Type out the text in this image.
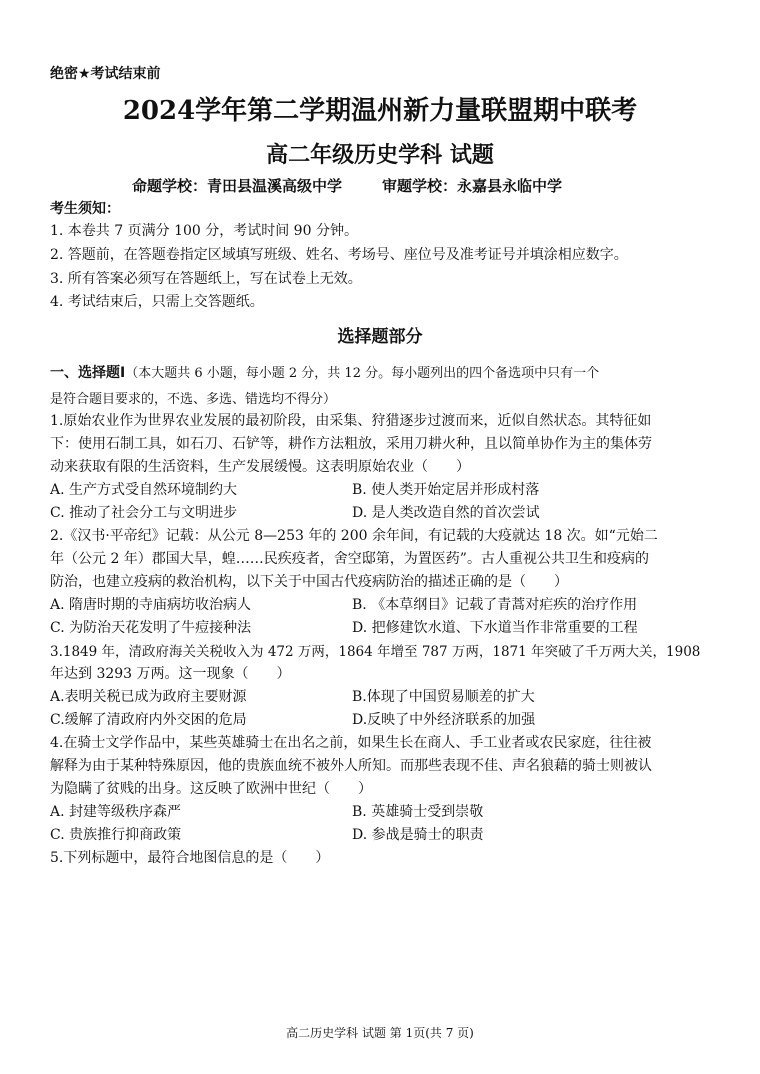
绝密★考试结束前
2024学年第二学期温州新力量联盟期中联考
高二年级历史学科 试题
命题学校：青田县温溪高级中学	审题学校：永嘉县永临中学
考生须知：
1. 本卷共 7 页满分 100 分，考试时间 90 分钟。
2. 答题前，在答题卷指定区域填写班级、姓名、考场号、座位号及准考证号并填涂相应数字。
3. 所有答案必须写在答题纸上，写在试卷上无效。
4. 考试结束后，只需上交答题纸。
选择题部分
一、选择题Ⅰ（本大题共 6 小题，每小题 2 分，共 12 分。每小题列出的四个备选项中只有一个
是符合题目要求的，不选、多选、错选均不得分）
1.原始农业作为世界农业发展的最初阶段，由采集、狩猎逐步过渡而来，近似自然状态。其特征如
下：使用石制工具，如石刀、石铲等，耕作方法粗放，采用刀耕火种，且以简单协作为主的集体劳
动来获取有限的生活资料，生产发展缓慢。这表明原始农业（　　）
A. 生产方式受自然环境制约大	B. 使人类开始定居并形成村落
C. 推动了社会分工与文明进步	D. 是人类改造自然的首次尝试
2.《汉书·平帝纪》记载：从公元 8—253 年的 200 余年间，有记载的大疫就达 18 次。如“元始二
年（公元 2 年）郡国大旱，蝗……民疾疫者，舍空邸第，为置医药”。古人重视公共卫生和疫病的
防治，也建立疫病的救治机构，以下关于中国古代疫病防治的描述正确的是（　　）
A. 隋唐时期的寺庙病坊收治病人	B. 《本草纲目》记载了青蒿对疟疾的治疗作用
C. 为防治天花发明了牛痘接种法	D. 把修建饮水道、下水道当作非常重要的工程
3.1849 年，清政府海关关税收入为 472 万两，1864 年增至 787 万两，1871 年突破了千万两大关，1908
年达到 3293 万两。这一现象（　　）
A.表明关税已成为政府主要财源	B.体现了中国贸易顺差的扩大
C.缓解了清政府内外交困的危局	D.反映了中外经济联系的加强
4.在骑士文学作品中，某些英雄骑士在出名之前，如果生长在商人、手工业者或农民家庭，往往被
解释为由于某种特殊原因，他的贵族血统不被外人所知。而那些表现不佳、声名狼藉的骑士则被认
为隐瞒了贫贱的出身。这反映了欧洲中世纪（　　）
A. 封建等级秩序森严	B. 英雄骑士受到崇敬
C. 贵族推行抑商政策	D. 参战是骑士的职责
5.下列标题中，最符合地图信息的是（　　）
高二历史学科 试题 第 1页(共 7 页)
